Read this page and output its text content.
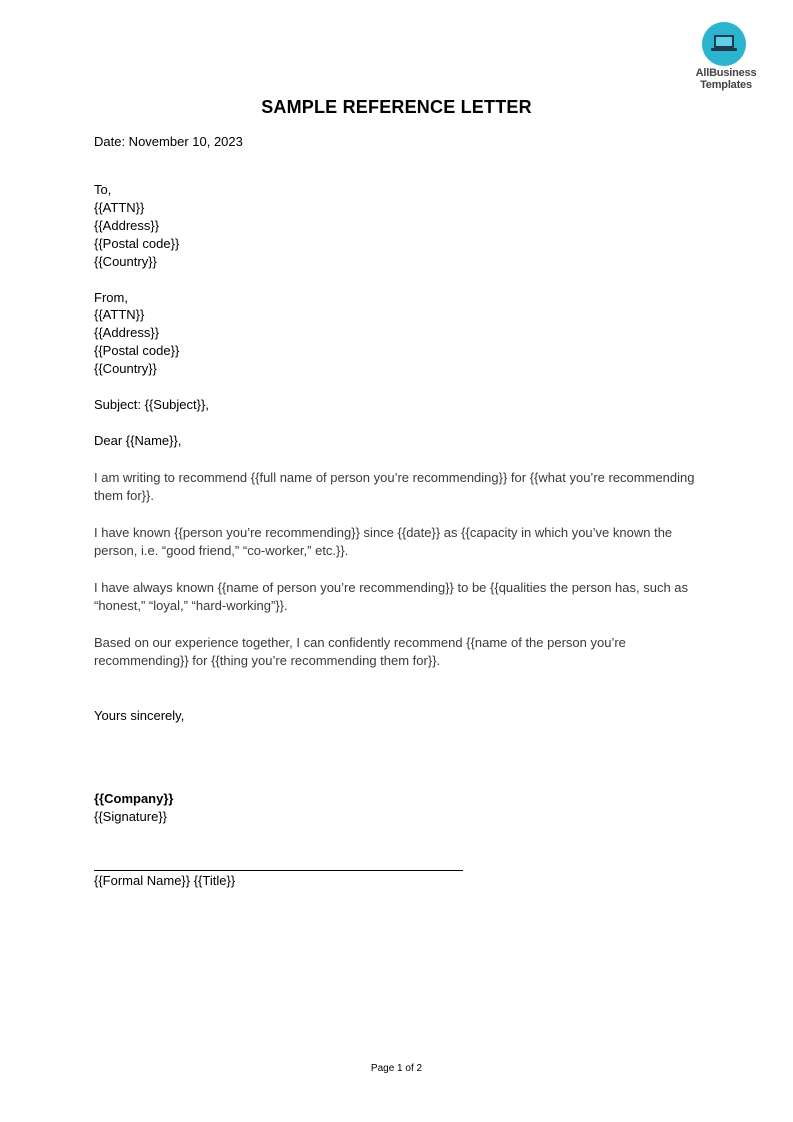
AllBusiness
Templates
SAMPLE REFERENCE LETTER
Date: November 10, 2023
To,
{{ATTN}}
{{Address}}
{{Postal code}}
{{Country}}
From,
{{ATTN}}
{{Address}}
{{Postal code}}
{{Country}}
Subject: {{Subject}},
Dear {{Name}},
I am writing to recommend {{full name of person you’re recommending}} for {{what you’re recommending them for}}.
I have known {{person you’re recommending}} since {{date}} as {{capacity in which you’ve known the person, i.e. “good friend,” “co-worker,” etc.}}.
I have always known {{name of person you’re recommending}} to be {{qualities the person has, such as “honest,” “loyal,” “hard-working”}}.
Based on our experience together, I can confidently recommend {{name of the person you’re recommending}} for {{thing you’re recommending them for}}.
Yours sincerely,
{{Company}}
{{Signature}}
{{Formal Name}} {{Title}}
Page 1 of 2
